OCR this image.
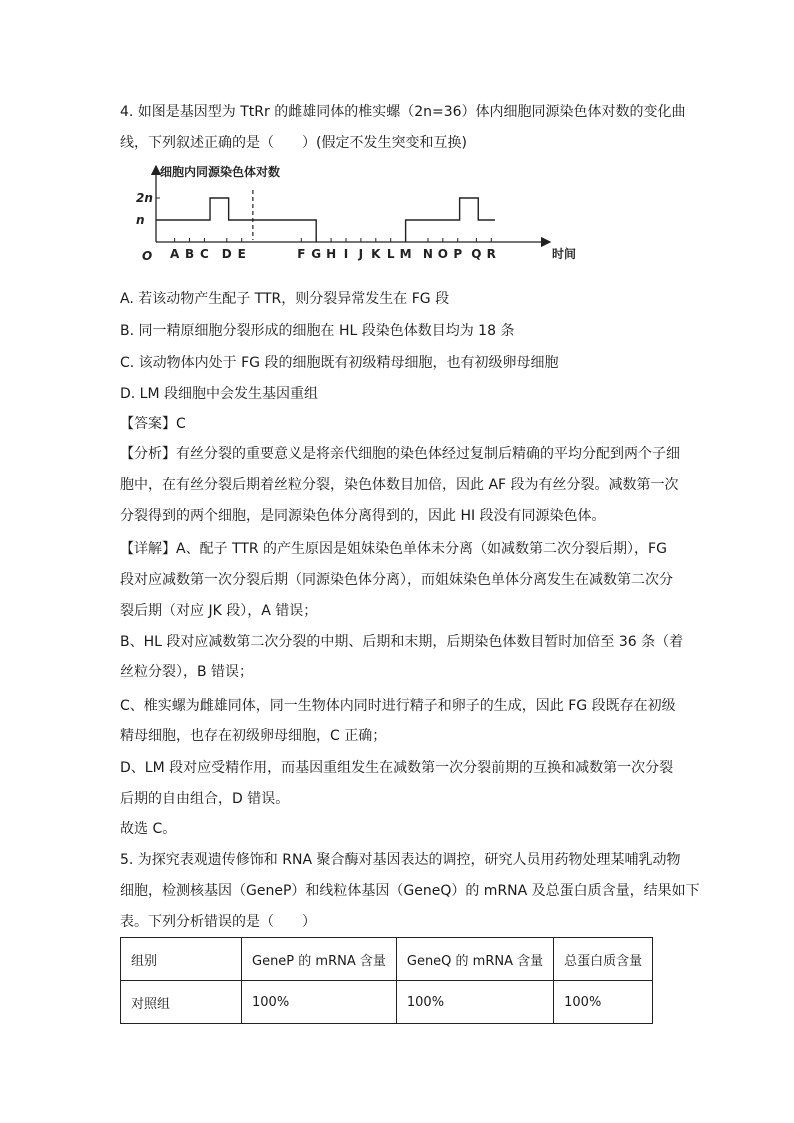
4. 如图是基因型为 TtRr 的雌雄同体的椎实螺（2n=36）体内细胞同源染色体对数的变化曲

线，下列叙述正确的是（　　）(假定不发生突变和互换)

细胞内同源染色体对数
O
2n
n
A B C D E	F G H I J K L M N O P Q R	时间

A. 若该动物产生配子 TTR，则分裂异常发生在 FG 段

B. 同一精原细胞分裂形成的细胞在 HL 段染色体数目均为 18 条

C. 该动物体内处于 FG 段的细胞既有初级精母细胞，也有初级卵母细胞

D. LM 段细胞中会发生基因重组

【答案】C

【分析】有丝分裂的重要意义是将亲代细胞的染色体经过复制后精确的平均分配到两个子细

胞中，在有丝分裂后期着丝粒分裂，染色体数目加倍，因此 AF 段为有丝分裂。减数第一次

分裂得到的两个细胞，是同源染色体分离得到的，因此 HI 段没有同源染色体。

【详解】A、配子 TTR 的产生原因是姐妹染色单体未分离（如减数第二次分裂后期），FG

段对应减数第一次分裂后期（同源染色体分离），而姐妹染色单体分离发生在减数第二次分

裂后期（对应 JK 段），A 错误；

B、HL 段对应减数第二次分裂的中期、后期和末期，后期染色体数目暂时加倍至 36 条（着

丝粒分裂），B 错误；

C、椎实螺为雌雄同体，同一生物体内同时进行精子和卵子的生成，因此 FG 段既存在初级

精母细胞，也存在初级卵母细胞，C 正确；

D、LM 段对应受精作用，而基因重组发生在减数第一次分裂前期的互换和减数第一次分裂

后期的自由组合，D 错误。

故选 C。

5. 为探究表观遗传修饰和 RNA 聚合酶对基因表达的调控，研究人员用药物处理某哺乳动物

细胞，检测核基因（GeneP）和线粒体基因（GeneQ）的 mRNA 及总蛋白质含量，结果如下

表。下列分析错误的是（　　）

组别	GeneP 的 mRNA 含量	GeneQ 的 mRNA 含量	总蛋白质含量
对照组	100%	100%	100%
